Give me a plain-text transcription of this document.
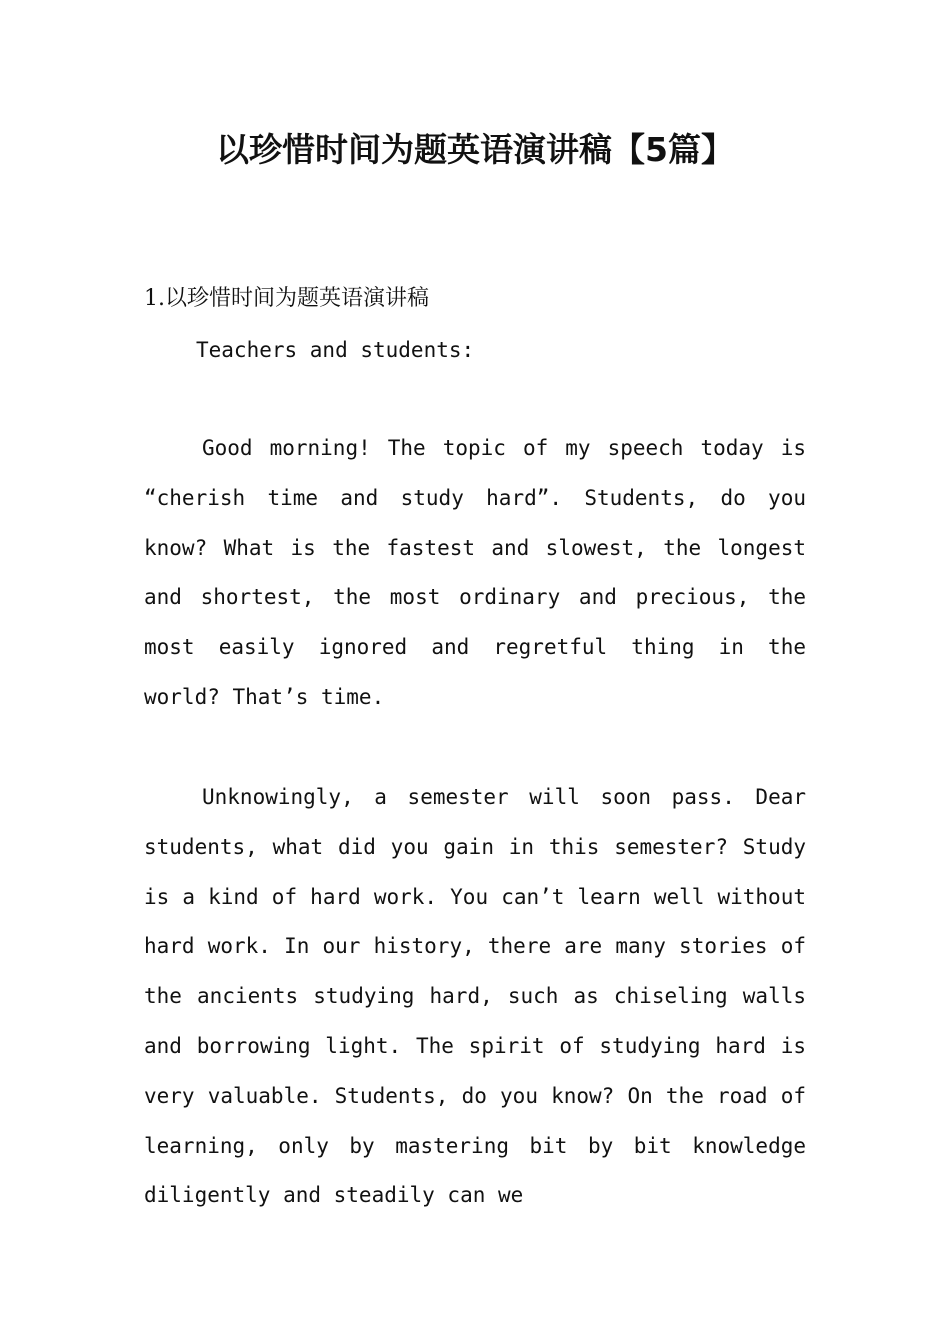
以珍惜时间为题英语演讲稿【5篇】

1.以珍惜时间为题英语演讲稿

Teachers and students:

Good morning! The topic of my speech today is “cherish time and study hard”. Students, do you know? What is the fastest and slowest, the longest and shortest, the most ordinary and precious, the most easily ignored and regretful thing in the world? That’s time.

Unknowingly, a semester will soon pass. Dear students, what did you gain in this semester? Study is a kind of hard work. You can’t learn well without hard work. In our history, there are many stories of the ancients studying hard, such as chiseling walls and borrowing light. The spirit of studying hard is very valuable. Students, do you know? On the road of learning, only by mastering bit by bit knowledge diligently and steadily can we
